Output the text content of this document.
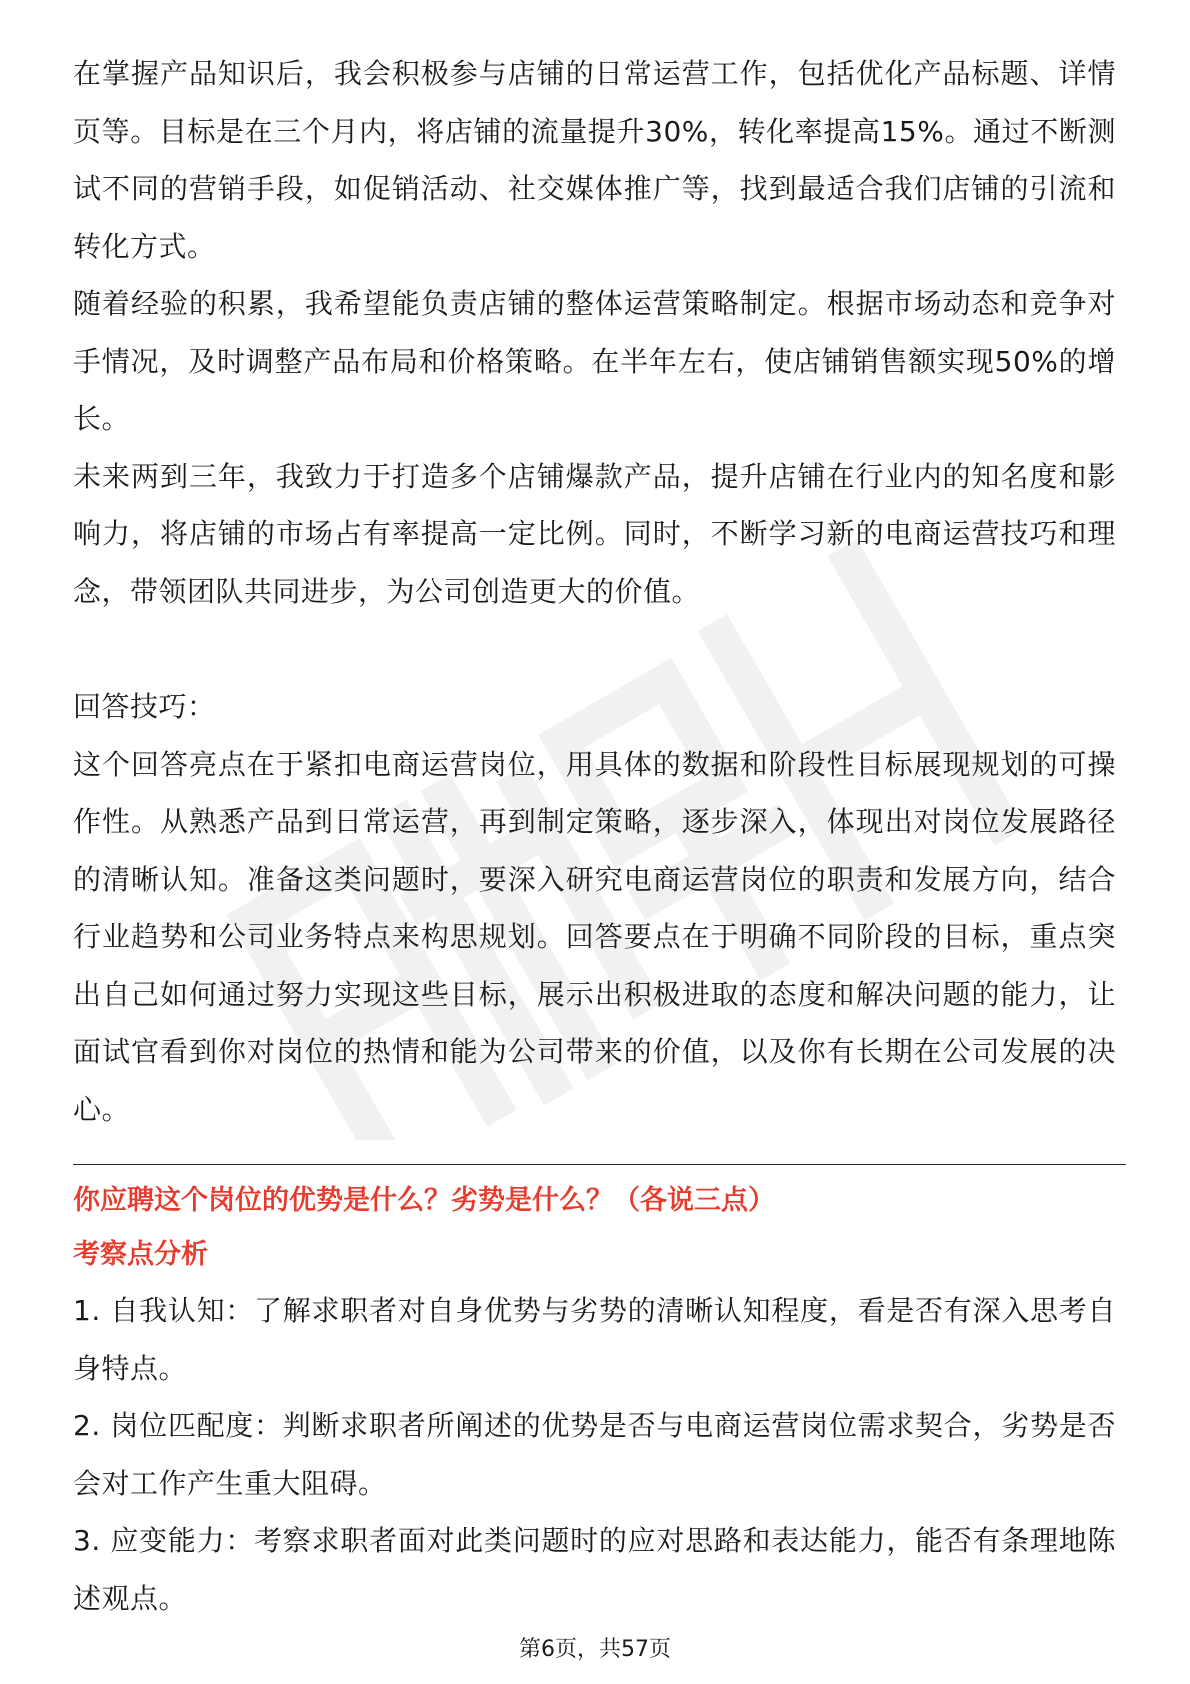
在掌握产品知识后，我会积极参与店铺的日常运营工作，包括优化产品标题、详情页等。目标是在三个月内，将店铺的流量提升30%，转化率提高15%。通过不断测试不同的营销手段，如促销活动、社交媒体推广等，找到最适合我们店铺的引流和转化方式。

随着经验的积累，我希望能负责店铺的整体运营策略制定。根据市场动态和竞争对手情况，及时调整产品布局和价格策略。在半年左右，使店铺销售额实现50%的增长。

未来两到三年，我致力于打造多个店铺爆款产品，提升店铺在行业内的知名度和影响力，将店铺的市场占有率提高一定比例。同时，不断学习新的电商运营技巧和理念，带领团队共同进步，为公司创造更大的价值。

回答技巧：

这个回答亮点在于紧扣电商运营岗位，用具体的数据和阶段性目标展现规划的可操作性。从熟悉产品到日常运营，再到制定策略，逐步深入，体现出对岗位发展路径的清晰认知。准备这类问题时，要深入研究电商运营岗位的职责和发展方向，结合行业趋势和公司业务特点来构思规划。回答要点在于明确不同阶段的目标，重点突出自己如何通过努力实现这些目标，展示出积极进取的态度和解决问题的能力，让面试官看到你对岗位的热情和能为公司带来的价值，以及你有长期在公司发展的决心。

你应聘这个岗位的优势是什么？劣势是什么？（各说三点）

考察点分析

1. 自我认知：了解求职者对自身优势与劣势的清晰认知程度，看是否有深入思考自身特点。

2. 岗位匹配度：判断求职者所阐述的优势是否与电商运营岗位需求契合，劣势是否会对工作产生重大阻碍。

3. 应变能力：考察求职者面对此类问题时的应对思路和表达能力，能否有条理地陈述观点。

第6页，共57页
